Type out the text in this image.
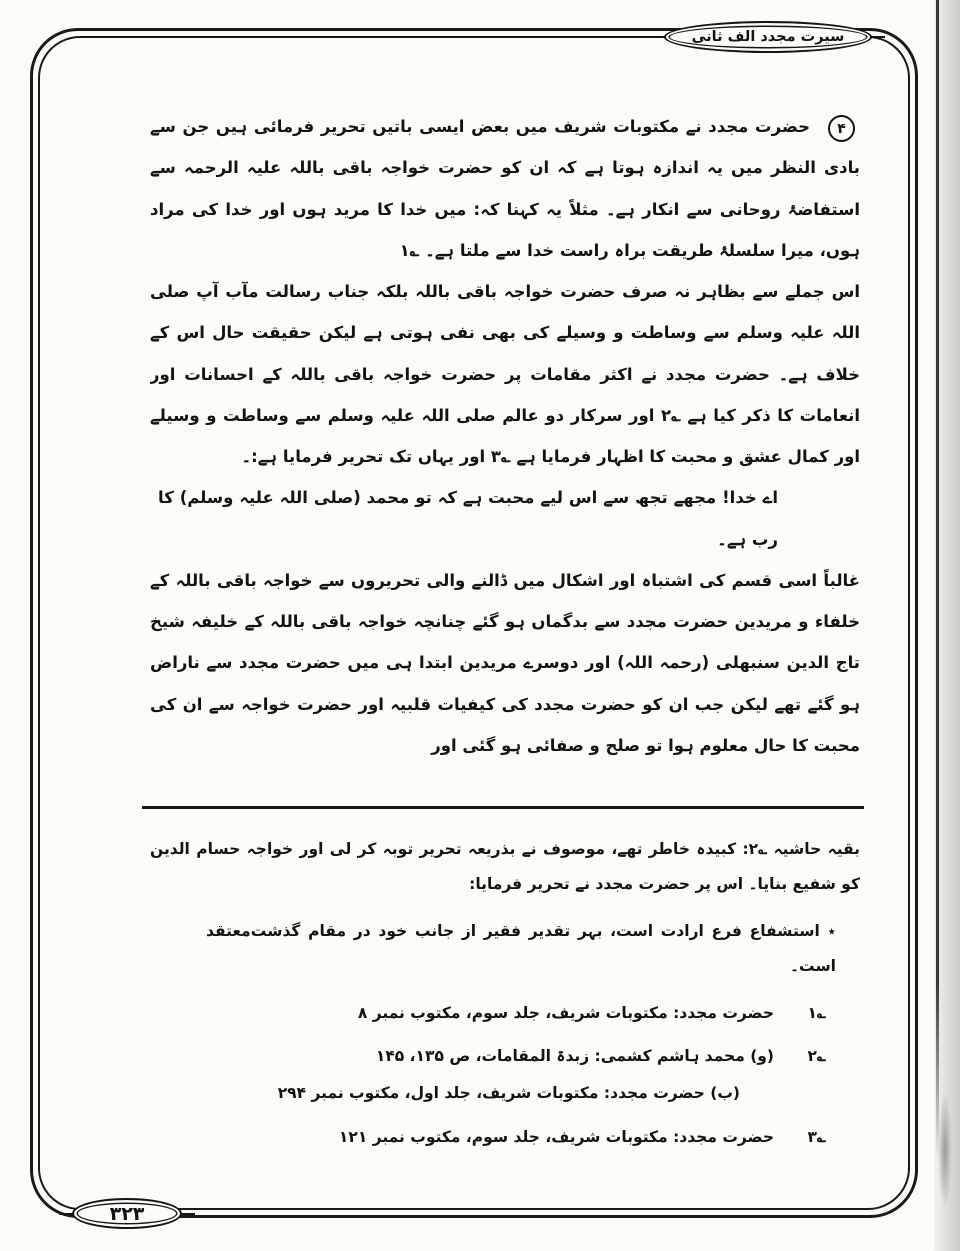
سیرت مجدد الف ثانی

۴
حضرت مجدد نے مکتوبات شریف میں بعض ایسی باتیں تحریر فرمائی ہیں جن سے بادی النظر میں یہ اندازہ ہوتا ہے کہ ان کو حضرت خواجہ باقی باللہ علیہ الرحمہ سے استفاضۂ روحانی سے انکار ہے۔ مثلاً یہ کہنا کہ: میں خدا کا مرید ہوں اور خدا کی مراد ہوں، میرا سلسلۂ طریقت براہ راست خدا سے ملتا ہے۔ ؎۱

اس جملے سے بظاہر نہ صرف حضرت خواجہ باقی باللہ بلکہ جناب رسالت مآب آپ صلی اللہ علیہ وسلم سے وساطت و وسیلے کی بھی نفی ہوتی ہے لیکن حقیقت حال اس کے خلاف ہے۔ حضرت مجدد نے اکثر مقامات پر حضرت خواجہ باقی باللہ کے احسانات اور انعامات کا ذکر کیا ہے ؎۲ اور سرکار دو عالم صلی اللہ علیہ وسلم سے وساطت و وسیلے اور کمال عشق و محبت کا اظہار فرمایا ہے ؎۳ اور یہاں تک تحریر فرمایا ہے:۔

اے خدا! مجھے تجھ سے اس لیے محبت ہے کہ تو محمد (صلی اللہ علیہ وسلم) کا رب ہے۔

غالباً اسی قسم کی اشتباہ اور اشکال میں ڈالنے والی تحریروں سے خواجہ باقی باللہ کے خلفاء و مریدین حضرت مجدد سے بدگماں ہو گئے چنانچہ خواجہ باقی باللہ کے خلیفہ شیخ تاج الدین سنبھلی (رحمہ اللہ) اور دوسرے مریدین ابتدا ہی میں حضرت مجدد سے ناراض ہو گئے تھے لیکن جب ان کو حضرت مجدد کی کیفیات قلبیہ اور حضرت خواجہ سے ان کی محبت کا حال معلوم ہوا تو صلح و صفائی ہو گئی اور

بقیہ حاشیہ ؎۲: کبیدہ خاطر تھے، موصوف نے بذریعہ تحریر توبہ کر لی اور خواجہ حسام الدین کو شفیع بنایا۔ اس پر حضرت مجدد نے تحریر فرمایا:

٭ استشفاع فرع ارادت است، بہر تقدیر فقیر از جانب خود در مقام گذشت است۔
معتقد
؎۱
حضرت مجدد: مکتوبات شریف، جلد سوم، مکتوب نمبر ۸
؎۲
(و) محمد ہاشم کشمی: زبدۃ المقامات، ص ۱۳۵، ۱۴۵
(ب) حضرت مجدد: مکتوبات شریف، جلد اول، مکتوب نمبر ۲۹۴
؎۳
حضرت مجدد: مکتوبات شریف، جلد سوم، مکتوب نمبر ۱۲۱
۳۲۳
